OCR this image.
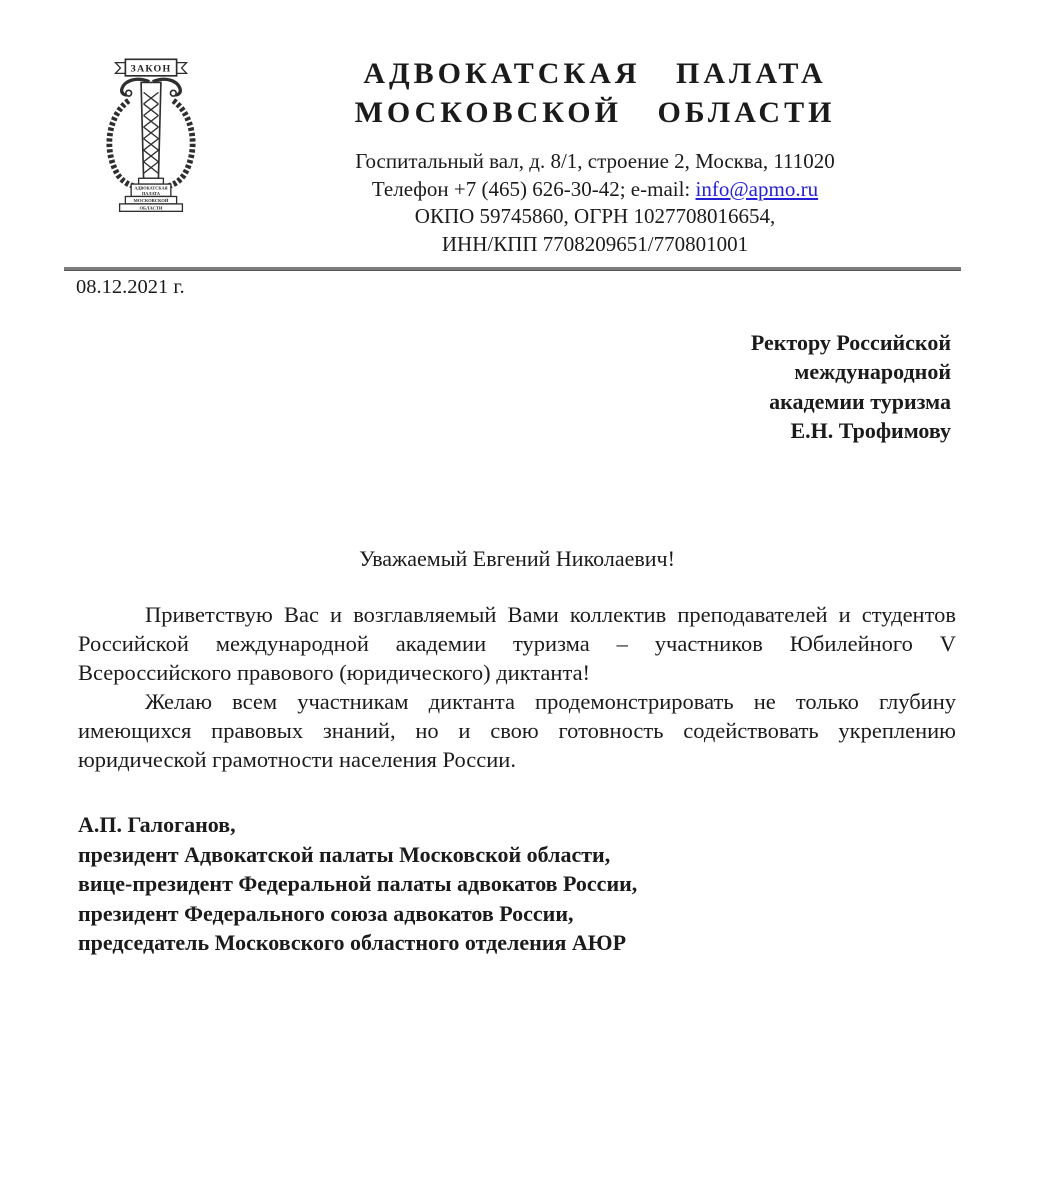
ЗАКОН
АДВОКАТСКАЯ
ПАЛАТА
МОСКОВСКОЙ
ОБЛАСТИ
АДВОКАТСКАЯ ПАЛАТА
МОСКОВСКОЙ ОБЛАСТИ
Госпитальный вал, д. 8/1, строение 2, Москва, 111020
Телефон +7 (465) 626-30-42; e-mail: info@apmo.ru
ОКПО 59745860, ОГРН 1027708016654,
ИНН/КПП 7708209651/770801001
08.12.2021 г.
Ректору Российской
международной
академии туризма
Е.Н. Трофимову
Уважаемый Евгений Николаевич!

Приветствую Вас и возглавляемый Вами коллектив преподавателей и студентов Российской международной академии туризма – участников Юбилейного V Всероссийского правового (юридического) диктанта!

Желаю всем участникам диктанта продемонстрировать не только глубину имеющихся правовых знаний, но и свою готовность содействовать укреплению юридической грамотности населения России.

А.П. Галоганов,
президент Адвокатской палаты Московской области,
вице-президент Федеральной палаты адвокатов России,
президент Федерального союза адвокатов России,
председатель Московского областного отделения АЮР
